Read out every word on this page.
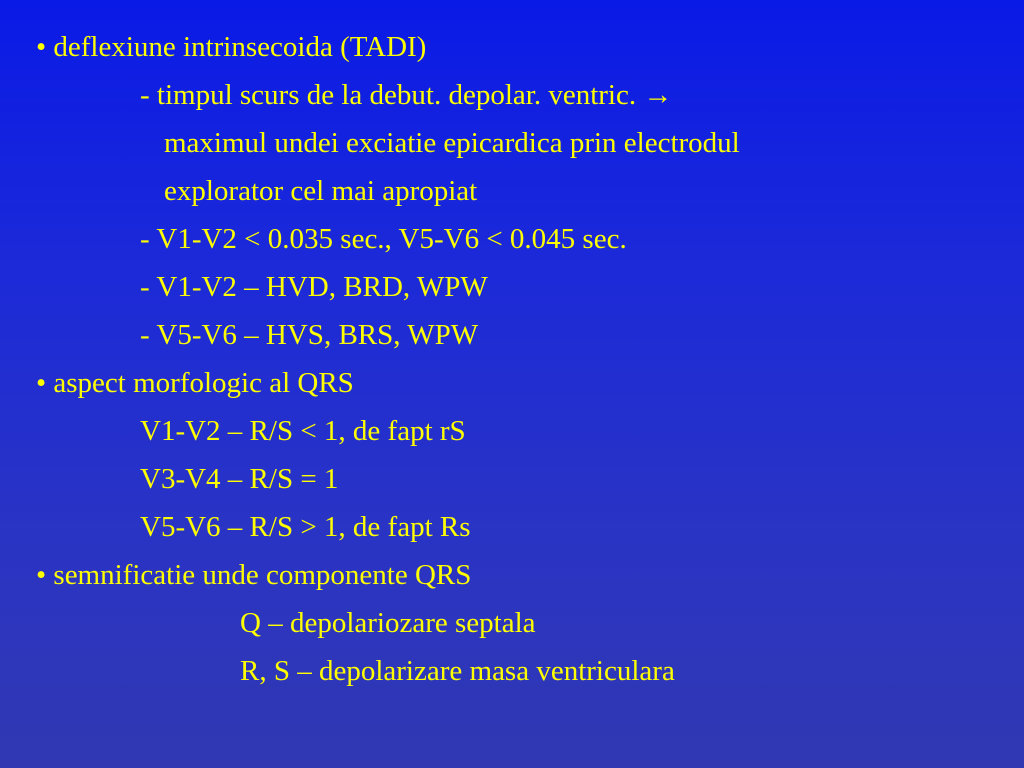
• deflexiune intrinsecoida (TADI)
- timpul scurs de la debut. depolar. ventric. →
maximul undei exciatie epicardica prin electrodul
explorator cel mai apropiat
- V1-V2 < 0.035 sec., V5-V6 < 0.045 sec.
- V1-V2 – HVD, BRD, WPW
- V5-V6 – HVS, BRS, WPW
• aspect morfologic al QRS
V1-V2 – R/S < 1, de fapt rS
V3-V4 – R/S = 1
V5-V6 – R/S > 1, de fapt Rs
• semnificatie unde componente QRS
Q – depolariozare septala
R, S – depolarizare masa ventriculara
